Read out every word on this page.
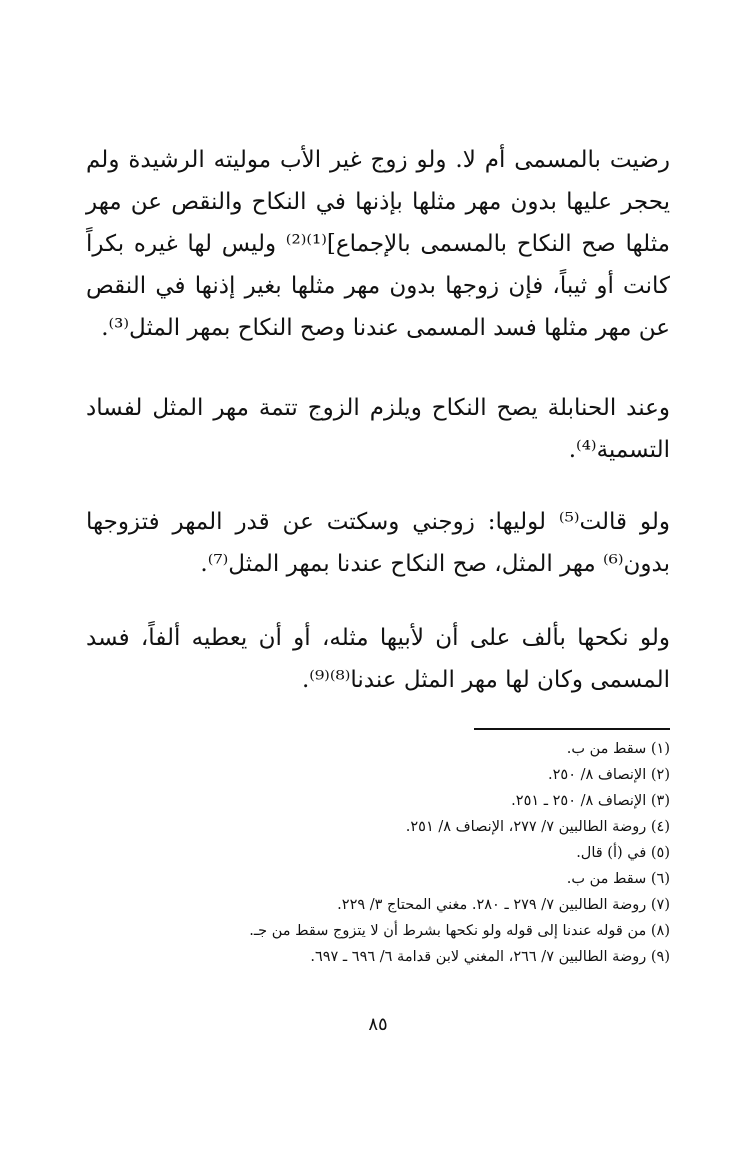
رضيت بالمسمى أم لا. ولو زوج غير الأب موليته الرشيدة ولم يحجر عليها بدون مهر مثلها بإذنها في النكاح والنقص عن مهر مثلها صح النكاح بالمسمى بالإجماع]⁽¹⁾⁽²⁾ وليس لها غيره بكراً كانت أو ثيباً، فإن زوجها بدون مهر مثلها بغير إذنها في النقص عن مهر مثلها فسد المسمى عندنا وصح النكاح بمهر المثل⁽³⁾.

وعند الحنابلة يصح النكاح ويلزم الزوج تتمة مهر المثل لفساد التسمية⁽⁴⁾.

ولو قالت⁽⁵⁾ لوليها: زوجني وسكتت عن قدر المهر فتزوجها بدون⁽⁶⁾ مهر المثل، صح النكاح عندنا بمهر المثل⁽⁷⁾.

ولو نكحها بألف على أن لأبيها مثله، أو أن يعطيه ألفاً، فسد المسمى وكان لها مهر المثل عندنا⁽⁸⁾⁽⁹⁾.

(١) سقط من ب.
(٢) الإنصاف ٨/ ٢٥٠.
(٣) الإنصاف ٨/ ٢٥٠ ـ ٢٥١.
(٤) روضة الطالبين ٧/ ٢٧٧، الإنصاف ٨/ ٢٥١.
(٥) في (أ) قال.
(٦) سقط من ب.
(٧) روضة الطالبين ٧/ ٢٧٩ ـ ٢٨٠. مغني المحتاج ٣/ ٢٢٩.
(٨) من قوله عندنا إلى قوله ولو نكحها بشرط أن لا يتزوج سقط من جـ.
(٩) روضة الطالبين ٧/ ٢٦٦، المغني لابن قدامة ٦/ ٦٩٦ ـ ٦٩٧.
٨٥
